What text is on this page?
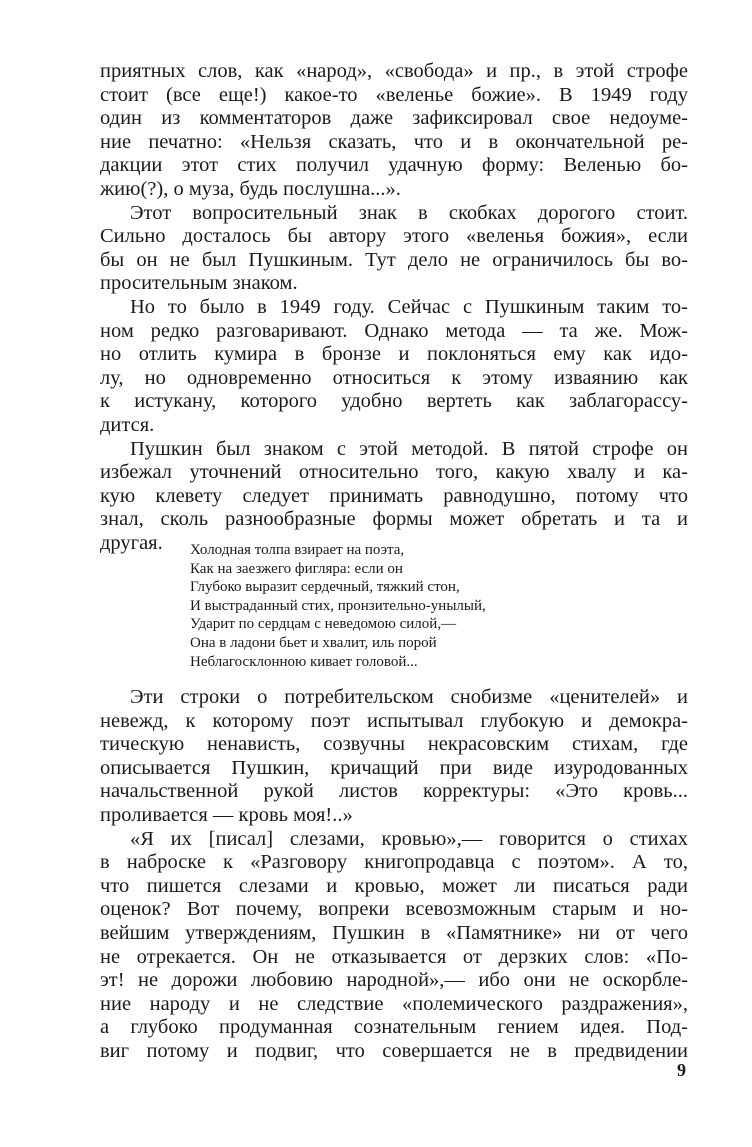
приятных слов, как «народ», «свобода» и пр., в этой строфе
стоит (все еще!) какое-то «веленье божие». В 1949 году
один из комментаторов даже зафиксировал свое недоуме-
ние печатно: «Нельзя сказать, что и в окончательной ре-
дакции этот стих получил удачную форму: Веленью бо-
жию(?), о муза, будь послушна...».
Этот вопросительный знак в скобках дорогого стоит.
Сильно досталось бы автору этого «веленья божия», если
бы он не был Пушкиным. Тут дело не ограничилось бы во-
просительным знаком.
Но то было в 1949 году. Сейчас с Пушкиным таким то-
ном редко разговаривают. Однако метода — та же. Мож-
но отлить кумира в бронзе и поклоняться ему как идо-
лу, но одновременно относиться к этому изваянию как
к истукану, которого удобно вертеть как заблагорассу-
дится.
Пушкин был знаком с этой методой. В пятой строфе он
избежал уточнений относительно того, какую хвалу и ка-
кую клевету следует принимать равнодушно, потому что
знал, сколь разнообразные формы может обретать и та и
другая.	Холодная толпа взирает на поэта,
Как на заезжего фигляра: если он
Глубоко выразит сердечный, тяжкий стон,
И выстраданный стих, пронзительно-унылый,
Ударит по сердцам с неведомою силой,—
Она в ладони бьет и хвалит, иль порой
Неблагосклонною кивает головой...
Эти строки о потребительском снобизме «ценителей» и
невежд, к которому поэт испытывал глубокую и демокра-
тическую ненависть, созвучны некрасовским стихам, где
описывается Пушкин, кричащий при виде изуродованных
начальственной рукой листов корректуры: «Это кровь...
проливается — кровь моя!..»
«Я их [писал] слезами, кровью»,— говорится о стихах
в наброске к «Разговору книгопродавца с поэтом». А то,
что пишется слезами и кровью, может ли писаться ради
оценок? Вот почему, вопреки всевозможным старым и но-
вейшим утверждениям, Пушкин в «Памятнике» ни от чего
не отрекается. Он не отказывается от дерзких слов: «По-
эт! не дорожи любовию народной»,— ибо они не оскорбле-
ние народу и не следствие «полемического раздражения»,
а глубоко продуманная сознательным гением идея. Под-
виг потому и подвиг, что совершается не в предвидении
9
